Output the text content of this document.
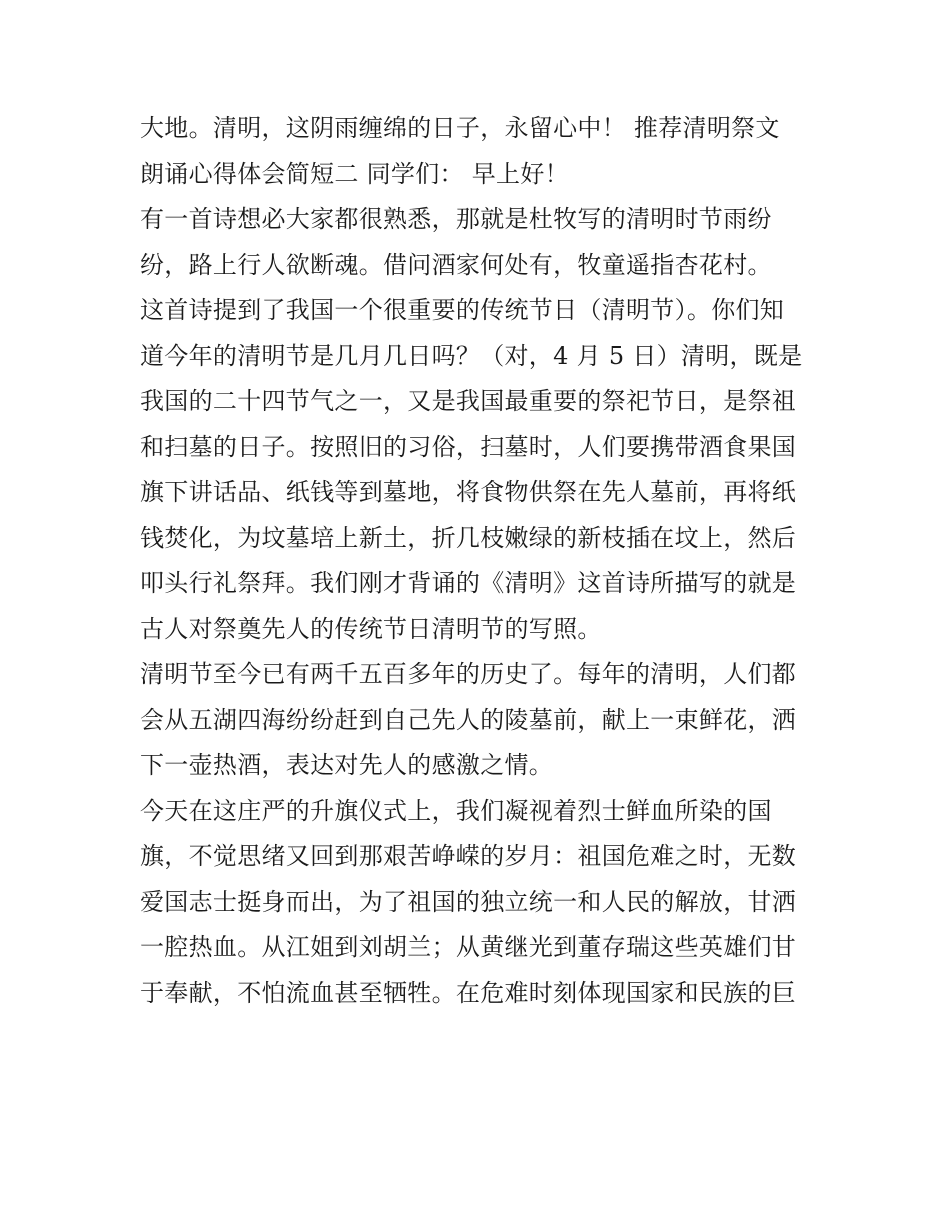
大地。清明，这阴雨缠绵的日子，永留心中！ 推荐清明祭文
朗诵心得体会简短二 同学们： 早上好！
有一首诗想必大家都很熟悉，那就是杜牧写的清明时节雨纷
纷，路上行人欲断魂。借问酒家何处有，牧童遥指杏花村。
这首诗提到了我国一个很重要的传统节日（清明节）。你们知
道今年的清明节是几月几日吗？（对，4 月 5 日）清明，既是
我国的二十四节气之一，又是我国最重要的祭祀节日，是祭祖
和扫墓的日子。按照旧的习俗，扫墓时，人们要携带酒食果国
旗下讲话品、纸钱等到墓地，将食物供祭在先人墓前，再将纸
钱焚化，为坟墓培上新土，折几枝嫩绿的新枝插在坟上，然后
叩头行礼祭拜。我们刚才背诵的《清明》这首诗所描写的就是
古人对祭奠先人的传统节日清明节的写照。
清明节至今已有两千五百多年的历史了。每年的清明，人们都
会从五湖四海纷纷赶到自己先人的陵墓前，献上一束鲜花，洒
下一壶热酒，表达对先人的感激之情。
今天在这庄严的升旗仪式上，我们凝视着烈士鲜血所染的国
旗，不觉思绪又回到那艰苦峥嵘的岁月：祖国危难之时，无数
爱国志士挺身而出，为了祖国的独立统一和人民的解放，甘洒
一腔热血。从江姐到刘胡兰；从黄继光到董存瑞这些英雄们甘
于奉献，不怕流血甚至牺牲。在危难时刻体现国家和民族的巨
